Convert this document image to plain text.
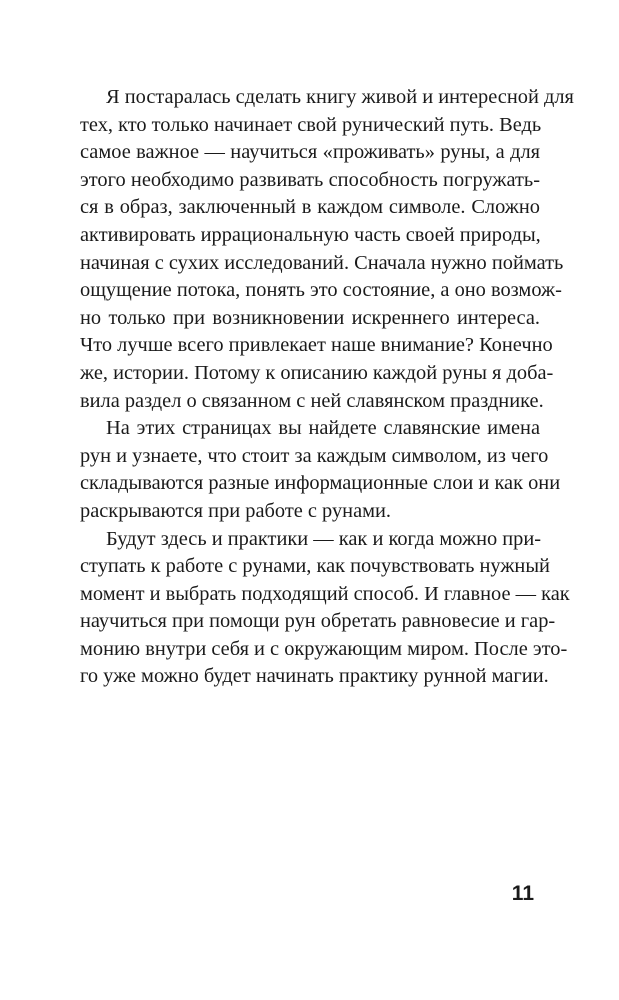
Я постаралась сделать книгу живой и интересной для
тех, кто только начинает свой рунический путь. Ведь
самое важное — научиться «проживать» руны, а для
этого необходимо развивать способность погружать-
ся в образ, заключенный в каждом символе. Сложно
активировать иррациональную часть своей природы,
начиная с сухих исследований. Сначала нужно поймать
ощущение потока, понять это состояние, а оно возмож-
но только при возникновении искреннего интереса.
Что лучше всего привлекает наше внимание? Конечно
же, истории. Потому к описанию каждой руны я доба-
вила раздел о связанном с ней славянском празднике.
На этих страницах вы найдете славянские имена
рун и узнаете, что стоит за каждым символом, из чего
складываются разные информационные слои и как они
раскрываются при работе с рунами.
Будут здесь и практики — как и когда можно при-
ступать к работе с рунами, как почувствовать нужный
момент и выбрать подходящий способ. И главное — как
научиться при помощи рун обретать равновесие и гар-
монию внутри себя и с окружающим миром. После это-
го уже можно будет начинать практику рунной магии.
11
